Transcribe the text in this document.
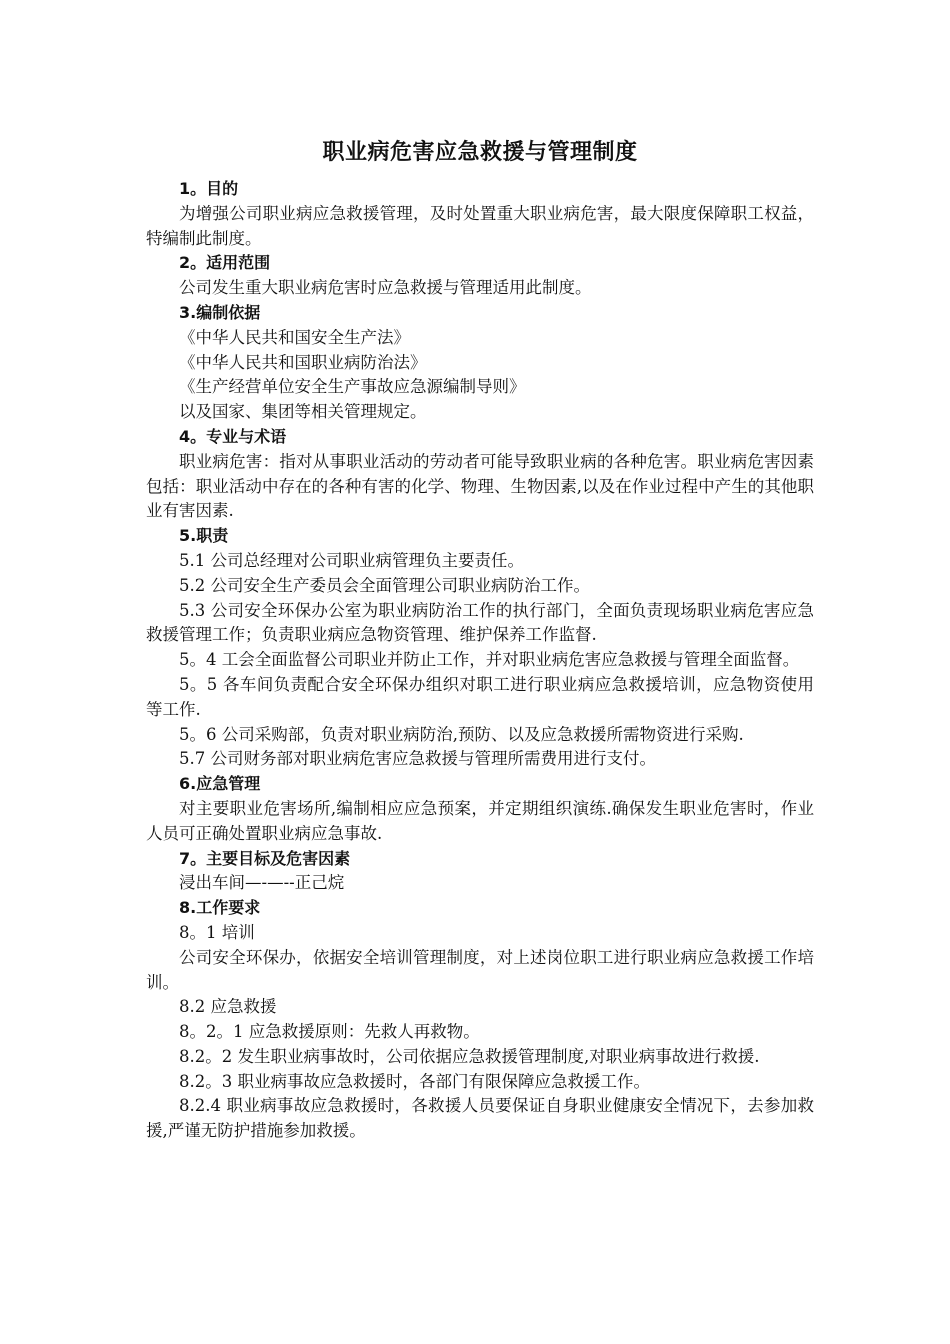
职业病危害应急救援与管理制度
1。目的

为增强公司职业病应急救援管理，及时处置重大职业病危害，最大限度保障职工权益，特编制此制度。

2。适用范围

公司发生重大职业病危害时应急救援与管理适用此制度。

3.编制依据

《中华人民共和国安全生产法》

《中华人民共和国职业病防治法》

《生产经营单位安全生产事故应急源编制导则》

以及国家、集团等相关管理规定。

4。专业与术语

职业病危害：指对从事职业活动的劳动者可能导致职业病的各种危害。职业病危害因素包括：职业活动中存在的各种有害的化学、物理、生物因素,以及在作业过程中产生的其他职业有害因素.

5.职责

5.1 公司总经理对公司职业病管理负主要责任。

5.2 公司安全生产委员会全面管理公司职业病防治工作。

5.3 公司安全环保办公室为职业病防治工作的执行部门，全面负责现场职业病危害应急救援管理工作；负责职业病应急物资管理、维护保养工作监督.

5。4 工会全面监督公司职业并防止工作，并对职业病危害应急救援与管理全面监督。

5。5 各车间负责配合安全环保办组织对职工进行职业病应急救援培训，应急物资使用等工作.

5。6 公司采购部，负责对职业病防治,预防、以及应急救援所需物资进行采购.

5.7 公司财务部对职业病危害应急救援与管理所需费用进行支付。

6.应急管理

对主要职业危害场所,编制相应应急预案，并定期组织演练.确保发生职业危害时，作业人员可正确处置职业病应急事故.

7。主要目标及危害因素

浸出车间—-—--正己烷

8.工作要求

8。1 培训

公司安全环保办，依据安全培训管理制度，对上述岗位职工进行职业病应急救援工作培训。

8.2 应急救援

8。2。1 应急救援原则：先救人再救物。

8.2。2 发生职业病事故时，公司依据应急救援管理制度,对职业病事故进行救援.

8.2。3 职业病事故应急救援时，各部门有限保障应急救援工作。

8.2.4 职业病事故应急救援时，各救援人员要保证自身职业健康安全情况下，去参加救援,严谨无防护措施参加救援。
